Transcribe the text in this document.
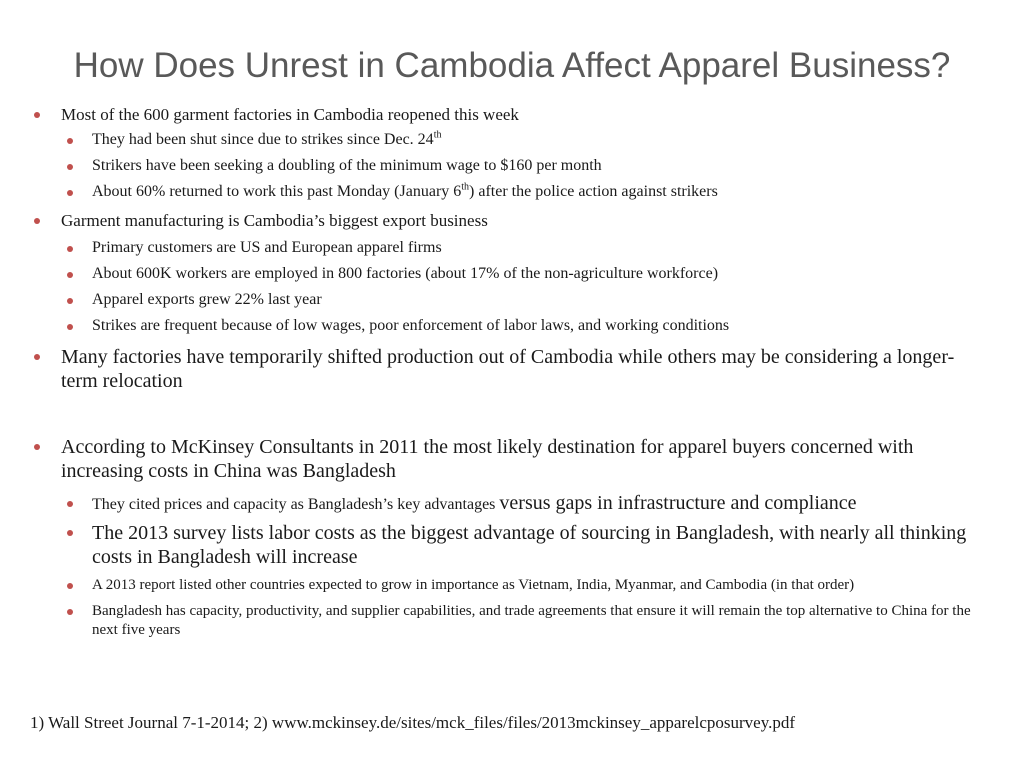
How Does Unrest in Cambodia Affect Apparel Business?
Most of the 600 garment factories in Cambodia reopened this week
They had been shut since due to strikes since Dec. 24th
Strikers have been seeking a doubling of the minimum wage to $160 per month
About 60% returned to work this past Monday (January 6th) after the police action against strikers
Garment manufacturing is Cambodia’s biggest export business
Primary customers are US and European apparel firms
About 600K workers are employed in 800 factories (about 17% of the non-agriculture workforce)
Apparel exports grew 22% last year
Strikes are frequent because of low wages, poor enforcement of labor laws, and working conditions
Many factories have temporarily shifted production out of Cambodia while others may be considering a longer-term relocation
According to McKinsey Consultants in 2011 the most likely destination for apparel buyers concerned with increasing costs in China was Bangladesh
They cited prices and capacity as Bangladesh’s key advantages versus gaps in infrastructure and compliance
The 2013 survey lists labor costs as the biggest advantage of sourcing in Bangladesh, with nearly all thinking costs in Bangladesh will increase
A 2013 report listed other countries expected to grow in importance as Vietnam, India, Myanmar, and Cambodia (in that order)
Bangladesh has capacity, productivity, and supplier capabilities, and trade agreements that ensure it will remain the top alternative to China for the next five years
1) Wall Street Journal 7-1-2014; 2) www.mckinsey.de/sites/mck_files/files/2013mckinsey_apparelcposurvey.pdf
